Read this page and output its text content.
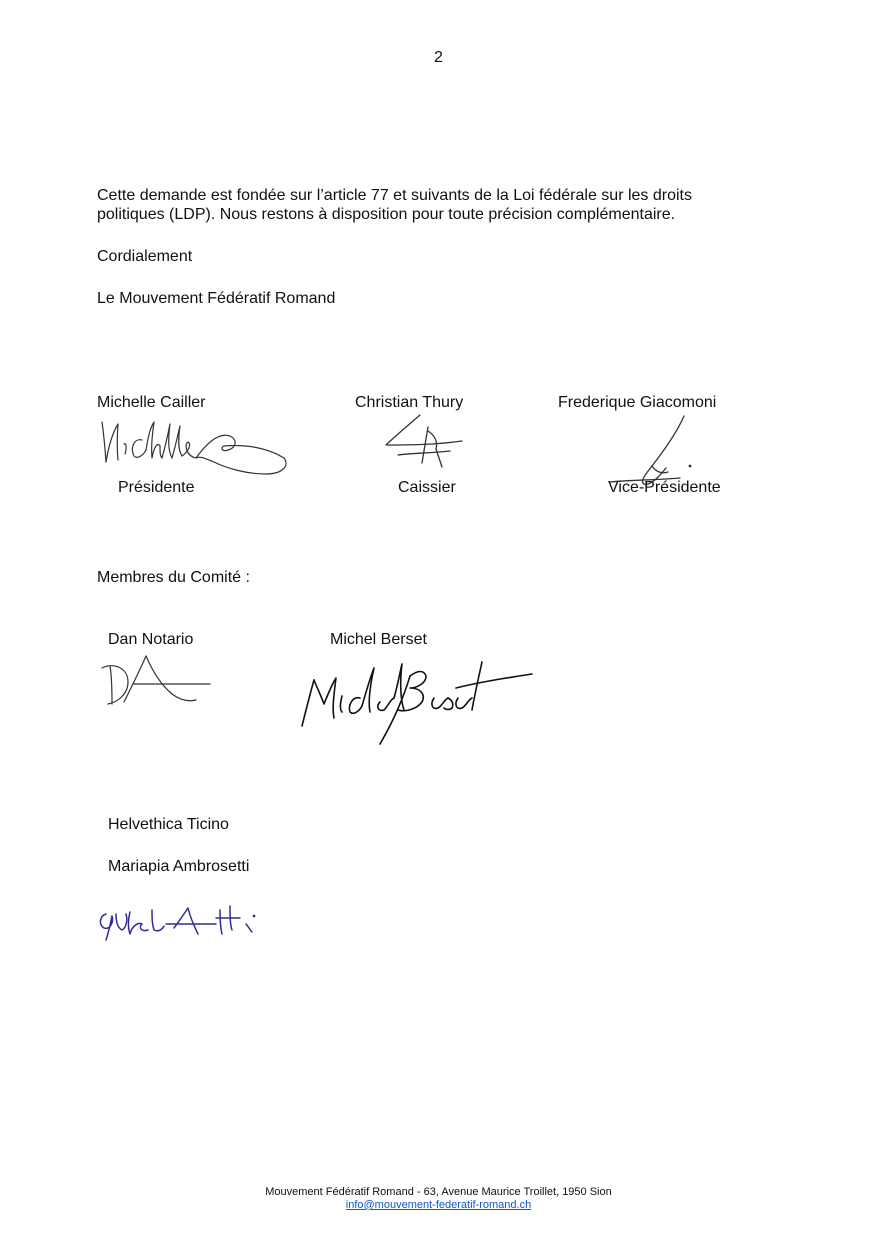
2
Cette demande est fondée sur l’article 77 et suivants de la Loi fédérale sur les droits
politiques (LDP). Nous restons à disposition pour toute précision complémentaire.
Cordialement
Le Mouvement Fédératif Romand
Michelle Cailler	Christian Thury	Frederique Giacomoni
Présidente	Caissier	Vice-Présidente
Membres du Comité :
Dan Notario	Michel Berset
Helvethica Ticino
Mariapia Ambrosetti
Mouvement Fédératif Romand - 63, Avenue Maurice Troillet, 1950 Sion
info@mouvement-federatif-romand.ch
